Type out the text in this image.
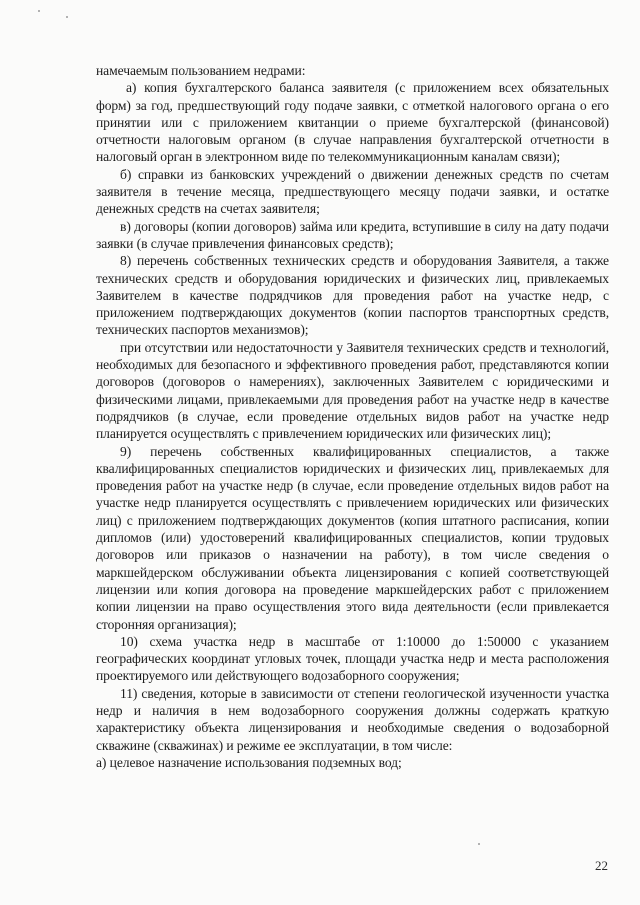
намечаемым пользованием недрами:

а) копия бухгалтерского баланса заявителя (с приложением всех обязательных форм) за год, предшествующий году подаче заявки, с отметкой налогового органа о его принятии или с приложением квитанции о приеме бухгалтерской (финансовой) отчетности налоговым органом (в случае направления бухгалтерской отчетности в налоговый орган в электронном виде по телекоммуникационным каналам связи);

б) справки из банковских учреждений о движении денежных средств по счетам заявителя в течение месяца, предшествующего месяцу подачи заявки, и остатке денежных средств на счетах заявителя;

в) договоры (копии договоров) займа или кредита, вступившие в силу на дату подачи заявки (в случае привлечения финансовых средств);

8) перечень собственных технических средств и оборудования Заявителя, а также технических средств и оборудования юридических и физических лиц, привлекаемых Заявителем в качестве подрядчиков для проведения работ на участке недр, с приложением подтверждающих документов (копии паспортов транспортных средств, технических паспортов механизмов);

при отсутствии или недостаточности у Заявителя технических средств и технологий, необходимых для безопасного и эффективного проведения работ, представляются копии договоров (договоров о намерениях), заключенных Заявителем с юридическими и физическими лицами, привлекаемыми для проведения работ на участке недр в качестве подрядчиков (в случае, если проведение отдельных видов работ на участке недр планируется осуществлять с привлечением юридических или физических лиц);

9) перечень собственных квалифицированных специалистов, а также квалифицированных специалистов юридических и физических лиц, привлекаемых для проведения работ на участке недр (в случае, если проведение отдельных видов работ на участке недр планируется осуществлять с привлечением юридических или физических лиц) с приложением подтверждающих документов (копия штатного расписания, копии дипломов (или) удостоверений квалифицированных специалистов, копии трудовых договоров или приказов о назначении на работу), в том числе сведения о маркшейдерском обслуживании объекта лицензирования с копией соответствующей лицензии или копия договора на проведение маркшейдерских работ с приложением копии лицензии на право осуществления этого вида деятельности (если привлекается сторонняя организация);

10) схема участка недр в масштабе от 1:10000 до 1:50000 с указанием географических координат угловых точек, площади участка недр и места расположения проектируемого или действующего водозаборного сооружения;

11) сведения, которые в зависимости от степени геологической изученности участка недр и наличия в нем водозаборного сооружения должны содержать краткую характеристику объекта лицензирования и необходимые сведения о водозаборной скважине (скважинах) и режиме ее эксплуатации, в том числе:

а) целевое назначение использования подземных вод;

22
